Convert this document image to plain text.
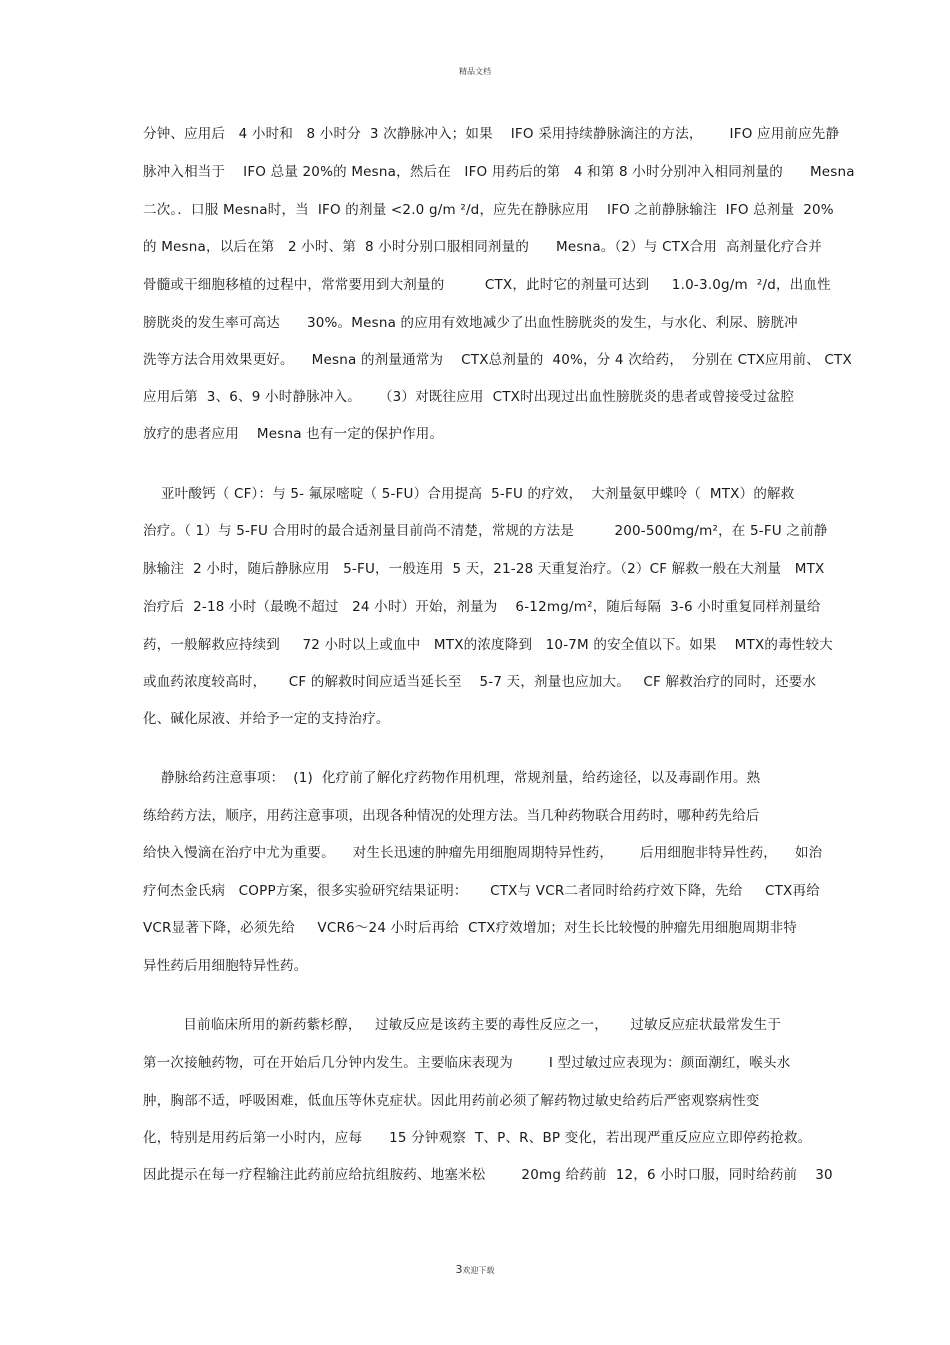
精品文档
分钟、应用后   4 小时和   8 小时分  3 次静脉冲入；如果    IFO 采用持续静脉滴注的方法，      IFO 应用前应先静
脉冲入相当于    IFO 总量 20%的 Mesna，然后在   IFO 用药后的第   4 和第 8 小时分别冲入相同剂量的      Mesna
二次。．口服 Mesna时，当  IFO 的剂量 <2.0 g/m ²/d，应先在静脉应用    IFO 之前静脉输注  IFO 总剂量  20%
的 Mesna，以后在第   2 小时、第  8 小时分别口服相同剂量的      Mesna。（2）与 CTX合用  高剂量化疗合并
骨髓或干细胞移植的过程中，常常要用到大剂量的         CTX，此时它的剂量可达到     1.0-3.0g/m  ²/d，出血性
膀胱炎的发生率可高达      30%。Mesna 的应用有效地减少了出血性膀胱炎的发生，与水化、利尿、膀胱冲
洗等方法合用效果更好。    Mesna 的剂量通常为    CTX总剂量的  40%，分 4 次给药，  分别在 CTX应用前、 CTX
应用后第  3、6、9 小时静脉冲入。    （3）对既往应用  CTX时出现过出血性膀胱炎的患者或曾接受过盆腔
放疗的患者应用    Mesna 也有一定的保护作用。
亚叶酸钙（ CF）：与 5- 氟尿嘧啶（ 5-FU）合用提高  5-FU 的疗效，  大剂量氨甲蝶呤（  MTX）的解救
治疗。（ 1）与 5-FU 合用时的最合适剂量目前尚不清楚，常规的方法是         200-500mg/m²，在 5-FU 之前静
脉输注  2 小时，随后静脉应用   5-FU，一般连用  5 天，21-28 天重复治疗。（2）CF 解救一般在大剂量   MTX
治疗后  2-18 小时（最晚不超过   24 小时）开始，剂量为    6-12mg/m²，随后每隔  3-6 小时重复同样剂量给
药，一般解救应持续到     72 小时以上或血中   MTX的浓度降到   10-7M 的安全值以下。如果    MTX的毒性较大
或血药浓度较高时，     CF 的解救时间应适当延长至    5-7 天，剂量也应加大。   CF 解救治疗的同时，还要水
化、碱化尿液、并给予一定的支持治疗。
静脉给药注意事项：  (1)  化疗前了解化疗药物作用机理，常规剂量，给药途径，以及毒副作用。熟
练给药方法，顺序，用药注意事项，出现各种情况的处理方法。当几种药物联合用药时，哪种药先给后
给快入慢滴在治疗中尤为重要。    对生长迅速的肿瘤先用细胞周期特异性药，      后用细胞非特异性药，    如治
疗何杰金氏病   COPP方案，很多实验研究结果证明：     CTX与 VCR二者同时给药疗效下降，先给     CTX再给
VCR显著下降，必须先给     VCR6～24 小时后再给  CTX疗效增加；对生长比较慢的肿瘤先用细胞周期非特
异性药后用细胞特异性药。
目前临床所用的新药紫杉醇，   过敏反应是该药主要的毒性反应之一，     过敏反应症状最常发生于
第一次接触药物，可在开始后几分钟内发生。主要临床表现为        Ⅰ 型过敏过应表现为：颜面潮红，喉头水
肿，胸部不适，呼吸困难，低血压等休克症状。因此用药前必须了解药物过敏史给药后严密观察病性变
化，特别是用药后第一小时内，应每      15 分钟观察  T、P、R、BP 变化，若出现严重反应应立即停药抢救。
因此提示在每一疗程输注此药前应给抗组胺药、地塞米松        20mg 给药前  12，6 小时口服，同时给药前    30
3欢迎下载
